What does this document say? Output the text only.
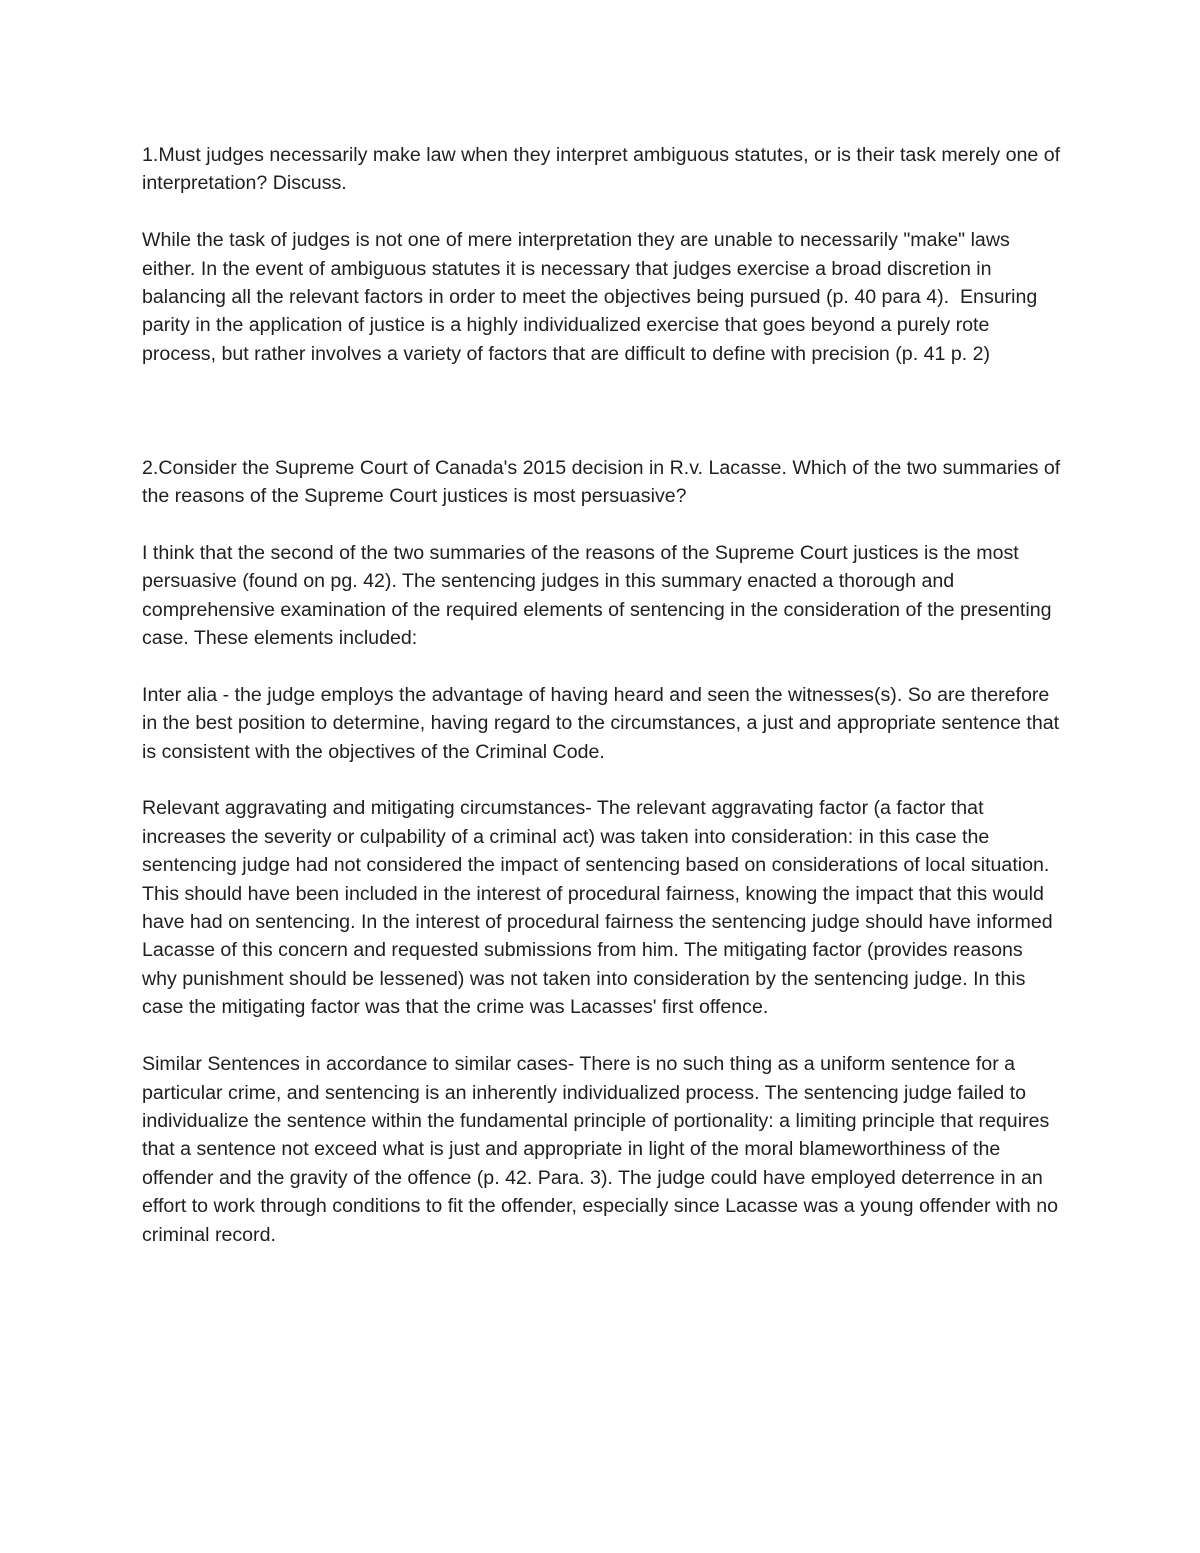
1.Must judges necessarily make law when they interpret ambiguous statutes, or is their task merely one of interpretation? Discuss.

While the task of judges is not one of mere interpretation they are unable to necessarily "make" laws either. In the event of ambiguous statutes it is necessary that judges exercise a broad discretion in balancing all the relevant factors in order to meet the objectives being pursued (p. 40 para 4).  Ensuring parity in the application of justice is a highly individualized exercise that goes beyond a purely rote process, but rather involves a variety of factors that are difficult to define with precision (p. 41 p. 2)

2.Consider the Supreme Court of Canada's 2015 decision in R.v. Lacasse. Which of the two summaries of the reasons of the Supreme Court justices is most persuasive?

I think that the second of the two summaries of the reasons of the Supreme Court justices is the most persuasive (found on pg. 42). The sentencing judges in this summary enacted a thorough and comprehensive examination of the required elements of sentencing in the consideration of the presenting case. These elements included:

Inter alia - the judge employs the advantage of having heard and seen the witnesses(s). So are therefore in the best position to determine, having regard to the circumstances, a just and appropriate sentence that is consistent with the objectives of the Criminal Code.

Relevant aggravating and mitigating circumstances- The relevant aggravating factor (a factor that increases the severity or culpability of a criminal act) was taken into consideration: in this case the sentencing judge had not considered the impact of sentencing based on considerations of local situation. This should have been included in the interest of procedural fairness, knowing the impact that this would have had on sentencing. In the interest of procedural fairness the sentencing judge should have informed Lacasse of this concern and requested submissions from him. The mitigating factor (provides reasons why punishment should be lessened) was not taken into consideration by the sentencing judge. In this case the mitigating factor was that the crime was Lacasses' first offence.

Similar Sentences in accordance to similar cases- There is no such thing as a uniform sentence for a particular crime, and sentencing is an inherently individualized process. The sentencing judge failed to individualize the sentence within the fundamental principle of portionality: a limiting principle that requires that a sentence not exceed what is just and appropriate in light of the moral blameworthiness of the offender and the gravity of the offence (p. 42. Para. 3). The judge could have employed deterrence in an effort to work through conditions to fit the offender, especially since Lacasse was a young offender with no criminal record.
